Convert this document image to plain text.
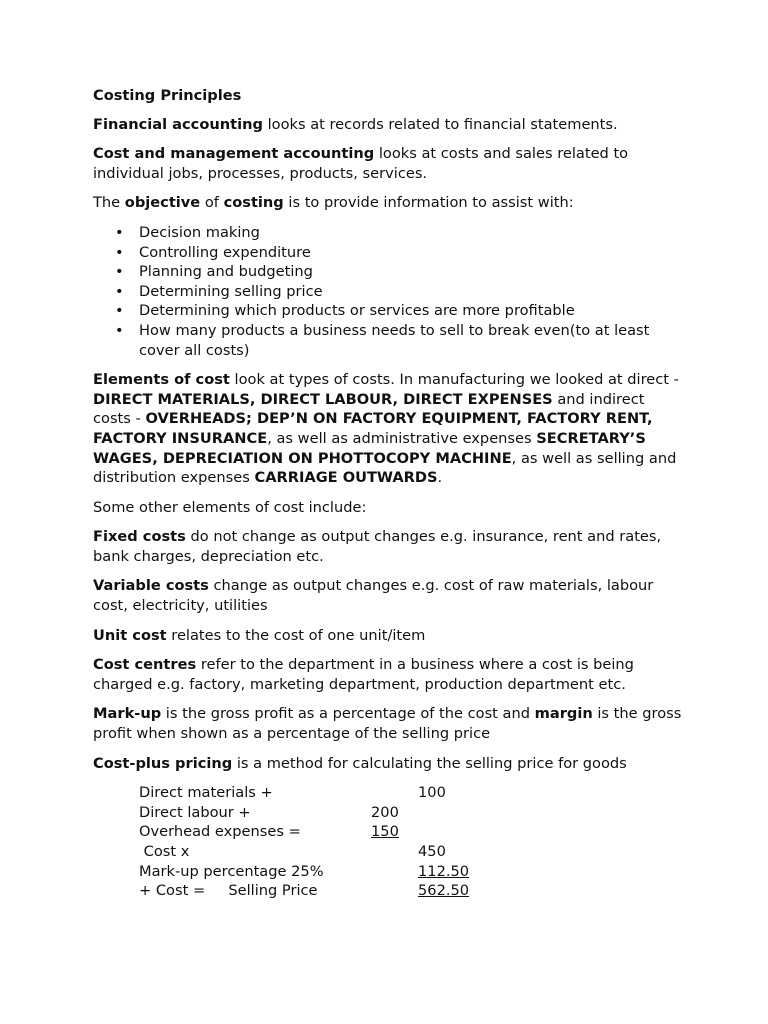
Costing Principles

Financial accounting looks at records related to financial statements.

Cost and management accounting looks at costs and sales related to individual jobs, processes, products, services.

The objective of costing is to provide information to assist with:

• Decision making
• Controlling expenditure
• Planning and budgeting
• Determining selling price
• Determining which products or services are more profitable
• How many products a business needs to sell to break even(to at least cover all costs)

Elements of cost look at types of costs. In manufacturing we looked at direct - DIRECT MATERIALS, DIRECT LABOUR, DIRECT EXPENSES and indirect costs - OVERHEADS; DEP’N ON FACTORY EQUIPMENT, FACTORY RENT, FACTORY INSURANCE, as well as administrative expenses SECRETARY’S WAGES, DEPRECIATION ON PHOTTOCOPY MACHINE, as well as selling and distribution expenses CARRIAGE OUTWARDS.

Some other elements of cost include:

Fixed costs do not change as output changes e.g. insurance, rent and rates, bank charges, depreciation etc.

Variable costs change as output changes e.g. cost of raw materials, labour cost, electricity, utilities

Unit cost relates to the cost of one unit/item

Cost centres refer to the department in a business where a cost is being charged e.g. factory, marketing department, production department etc.

Mark-up is the gross profit as a percentage of the cost and margin is the gross profit when shown as a percentage of the selling price

Cost-plus pricing is a method for calculating the selling price for goods

Direct materials +	100
Direct labour +	200
Overhead expenses =	150
Cost x	450
Mark-up percentage 25%	112.50
+ Cost =     Selling Price	562.50
